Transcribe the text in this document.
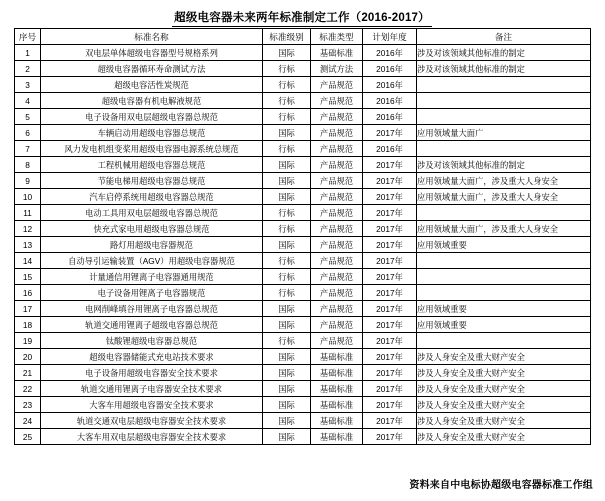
超级电容器未来两年标准制定工作（2016-2017）
序号	标准名称	标准级别	标准类型	计划年度	备注
1	双电层单体超级电容器型号规格系列	国际	基础标准	2016年	涉及对该领域其他标准的制定
2	超级电容器循环寿命测试方法	行标	测试方法	2016年	涉及对该领域其他标准的制定
3	超级电容活性炭规范	行标	产品规范	2016年	
4	超级电容器有机电解液规范	行标	产品规范	2016年	
5	电子设备用双电层超级电容器总规范	行标	产品规范	2016年	
6	车辆启动用超级电容器总规范	国际	产品规范	2017年	应用领域量大面广
7	风力发电机组变桨用超级电容器电源系统总规范	行标	产品规范	2016年	
8	工程机械用超级电容器总规范	国际	产品规范	2017年	涉及对该领域其他标准的制定
9	节能电梯用超级电容器总规范	国际	产品规范	2017年	应用领域量大面广，涉及重大人身安全
10	汽车启停系统用超级电容器总规范	国际	产品规范	2017年	应用领域量大面广，涉及重大人身安全
11	电动工具用双电层超级电容器总规范	行标	产品规范	2017年	
12	快充式家电用超级电容器总规范	行标	产品规范	2017年	应用领域量大面广，涉及重大人身安全
13	路灯用超级电容器规范	国际	产品规范	2017年	应用领域重要
14	自动导引运输装置（AGV）用超级电容器规范	行标	产品规范	2017年	
15	计量通信用锂离子电容器通用规范	行标	产品规范	2017年	
16	电子设备用锂离子电容器规范	行标	产品规范	2017年	
17	电网削峰填谷用锂离子电容器总规范	国际	产品规范	2017年	应用领域重要
18	轨道交通用锂离子超级电容器总规范	国际	产品规范	2017年	应用领域重要
19	钛酸锂超级电容器总规范	行标	产品规范	2017年	
20	超级电容器储能式充电站技术要求	国际	基础标准	2017年	涉及人身安全及重大财产安全
21	电子设备用超级电容器安全技术要求	国际	基础标准	2017年	涉及人身安全及重大财产安全
22	轨道交通用锂离子电容器安全技术要求	国际	基础标准	2017年	涉及人身安全及重大财产安全
23	大客车用超级电容器安全技术要求	国际	基础标准	2017年	涉及人身安全及重大财产安全
24	轨道交通双电层超级电容器安全技术要求	国际	基础标准	2017年	涉及人身安全及重大财产安全
25	大客车用双电层超级电容器安全技术要求	国际	基础标准	2017年	涉及人身安全及重大财产安全
资料来自中电标协超级电容器标准工作组
